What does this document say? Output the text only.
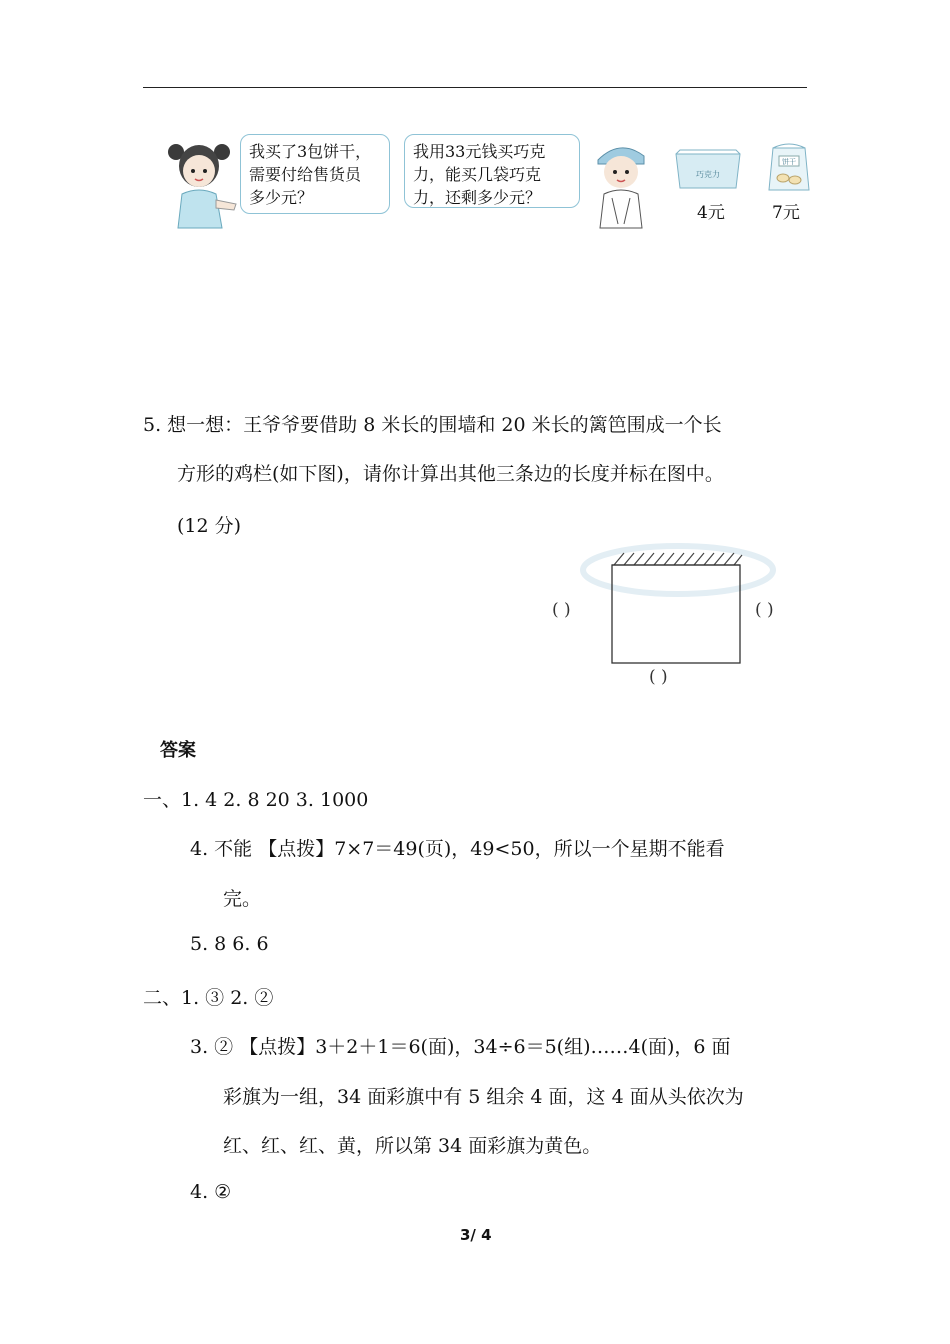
我买了3包饼干，
需要付给售货员
多少元？
我用33元钱买巧克
力，能买几袋巧克
力，还剩多少元？
巧克力
4元
饼干
7元
5. 想一想：王爷爷要借助 8 米长的围墙和 20 米长的篱笆围成一个长
方形的鸡栏(如下图)，请你计算出其他三条边的长度并标在图中。
(12 分)
( )	( )
( )
答案
一、1. 4 2. 8 20 3. 1000
4. 不能 【点拨】7×7＝49(页)，49<50，所以一个星期不能看
完。
5. 8 6. 6
二、1. ③ 2. ②
3. ② 【点拨】3＋2＋1＝6(面)，34÷6＝5(组)……4(面)，6 面
彩旗为一组，34 面彩旗中有 5 组余 4 面，这 4 面从头依次为
红、红、红、黄，所以第 34 面彩旗为黄色。
4. ②
3/ 4
